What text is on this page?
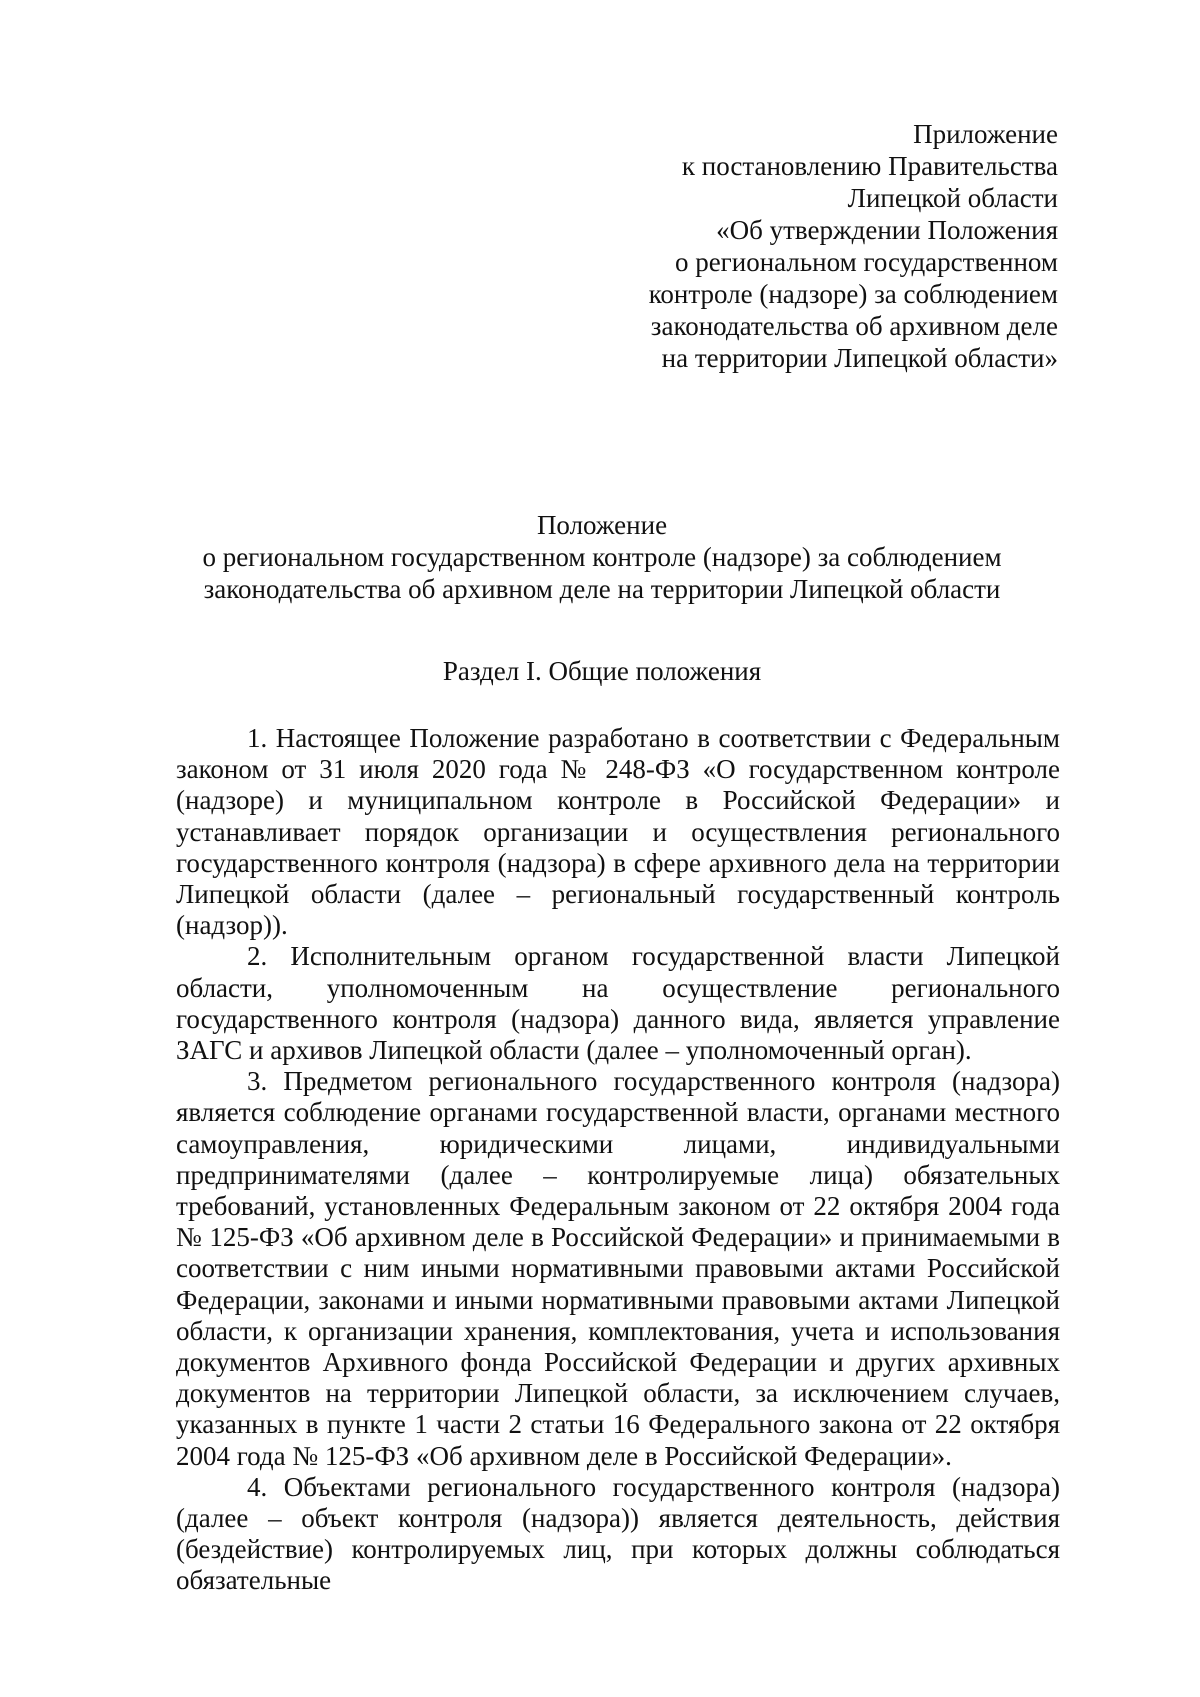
Приложение
к постановлению Правительства
Липецкой области
«Об утверждении Положения
о региональном государственном
контроле (надзоре) за соблюдением
законодательства об архивном деле
на территории Липецкой области»
Положение
о региональном государственном контроле (надзоре) за соблюдением
законодательства об архивном деле на территории Липецкой области
Раздел I. Общие положения

1. Настоящее Положение разработано в соответствии с Федеральным законом от 31 июля 2020 года № 248-ФЗ «О государственном контроле (надзоре) и муниципальном контроле в Российской Федерации» и устанавливает порядок организации и осуществления регионального государственного контроля (надзора) в сфере архивного дела на территории Липецкой области (далее – региональный государственный контроль (надзор)).

2. Исполнительным органом государственной власти Липецкой области, уполномоченным на осуществление регионального государственного контроля (надзора) данного вида, является управление ЗАГС и архивов Липецкой области (далее – уполномоченный орган).

3. Предметом регионального государственного контроля (надзора) является соблюдение органами государственной власти, органами местного самоуправления, юридическими лицами, индивидуальными предпринимателями (далее – контролируемые лица) обязательных требований, установленных Федеральным законом от 22 октября 2004 года № 125-ФЗ «Об архивном деле в Российской Федерации» и принимаемыми в соответствии с ним иными нормативными правовыми актами Российской Федерации, законами и иными нормативными правовыми актами Липецкой области, к организации хранения, комплектования, учета и использования документов Архивного фонда Российской Федерации и других архивных документов на территории Липецкой области, за исключением случаев, указанных в пункте 1 части 2 статьи 16 Федерального закона от 22 октября 2004 года № 125-ФЗ «Об архивном деле в Российской Федерации».

4. Объектами регионального государственного контроля (надзора) (далее – объект контроля (надзора)) является деятельность, действия (бездействие) контролируемых лиц, при которых должны соблюдаться обязательные
